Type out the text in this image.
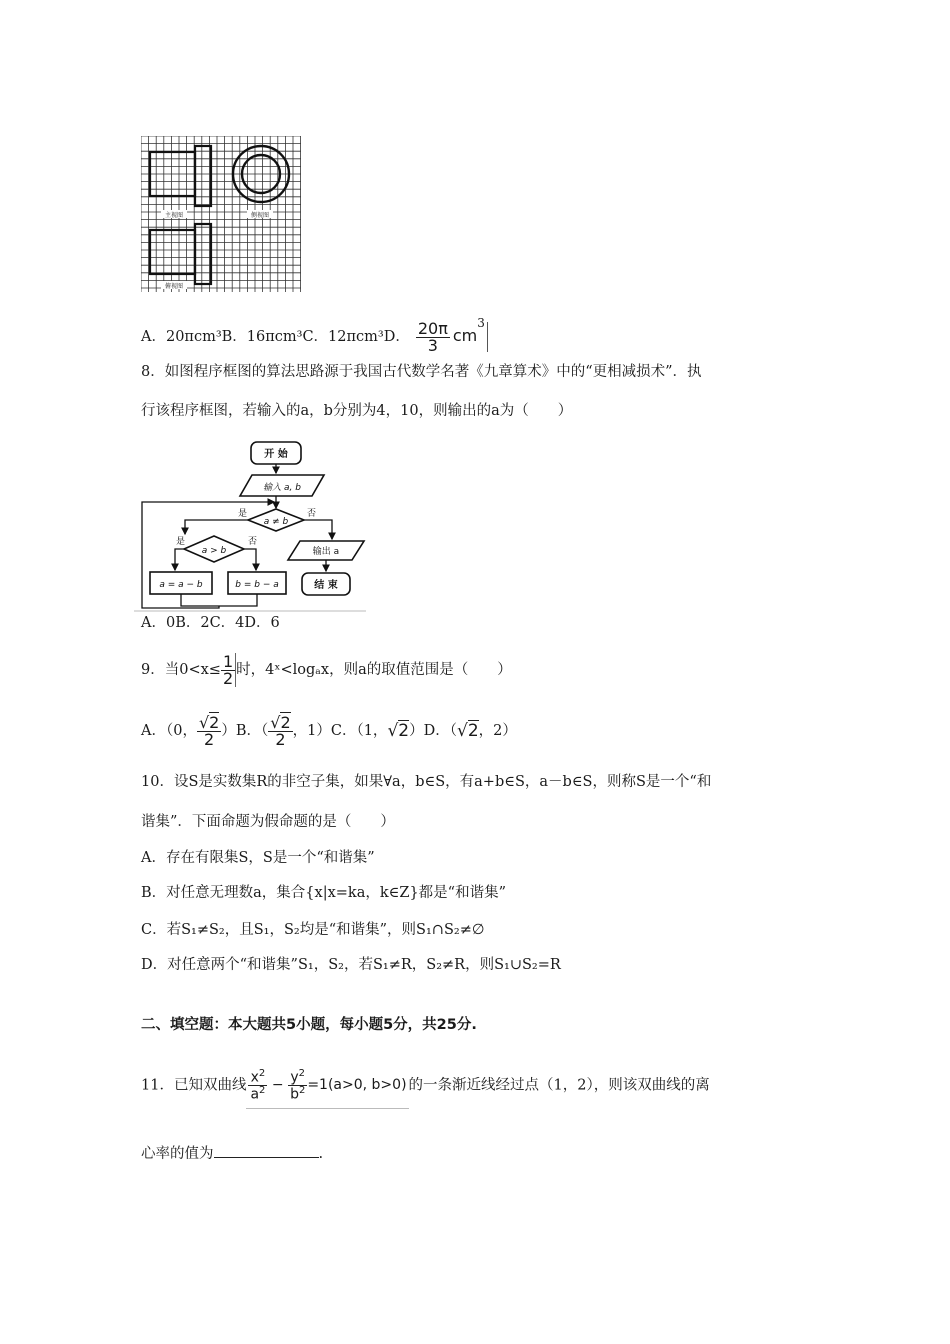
主视图	侧视图
俯视图
A．20πcm³B．16πcm³C．12πcm³D． $\frac{20\pi}{3} cm^3$
8．如图程序框图的算法思路源于我国古代数学名著《九章算术》中的“更相减损术”．执
行该程序框图，若输入的a，b分别为4，10，则输出的a为（　　）
开 始
输入 a, b
a ≠ b
是	否
a > b
是	否
a = a − b	b = b − a
输出 a
结 束
A．0B．2C．4D．6
9．当$0<x\le \frac{1}{2}$ 时，4ˣ<logₐx，则a的取值范围是（　　）
A．（0， $\frac{√2}{2} )B$．（ $\frac{√2}{2}$ ，1）C．（1，√2）D．（√2，2）
10．设S是实数集R的非空子集，如果∀a，b∈S，有a+b∈S，a－b∈S，则称S是一个“和
谐集”．下面命题为假命题的是（　　）
A．存在有限集S，S是一个“和谐集”
B．对任意无理数a，集合{x|x=ka，k∈Z}都是“和谐集”
C．若S₁≠S₂，且S₁，S₂均是“和谐集”，则S₁∩S₂≠∅
D．对任意两个“和谐集”S₁，S₂，若S₁≠R，S₂≠R，则S₁∪S₂=R
二、填空题：本大题共5小题，每小题5分，共25分.
11．已知双曲线 $\frac{x^2}{a^2} - \frac{y^2}{b^2} =1(a>0$, b>0) 的一条渐近线经过点（1，2），则该双曲线的离
心率的值为	.
